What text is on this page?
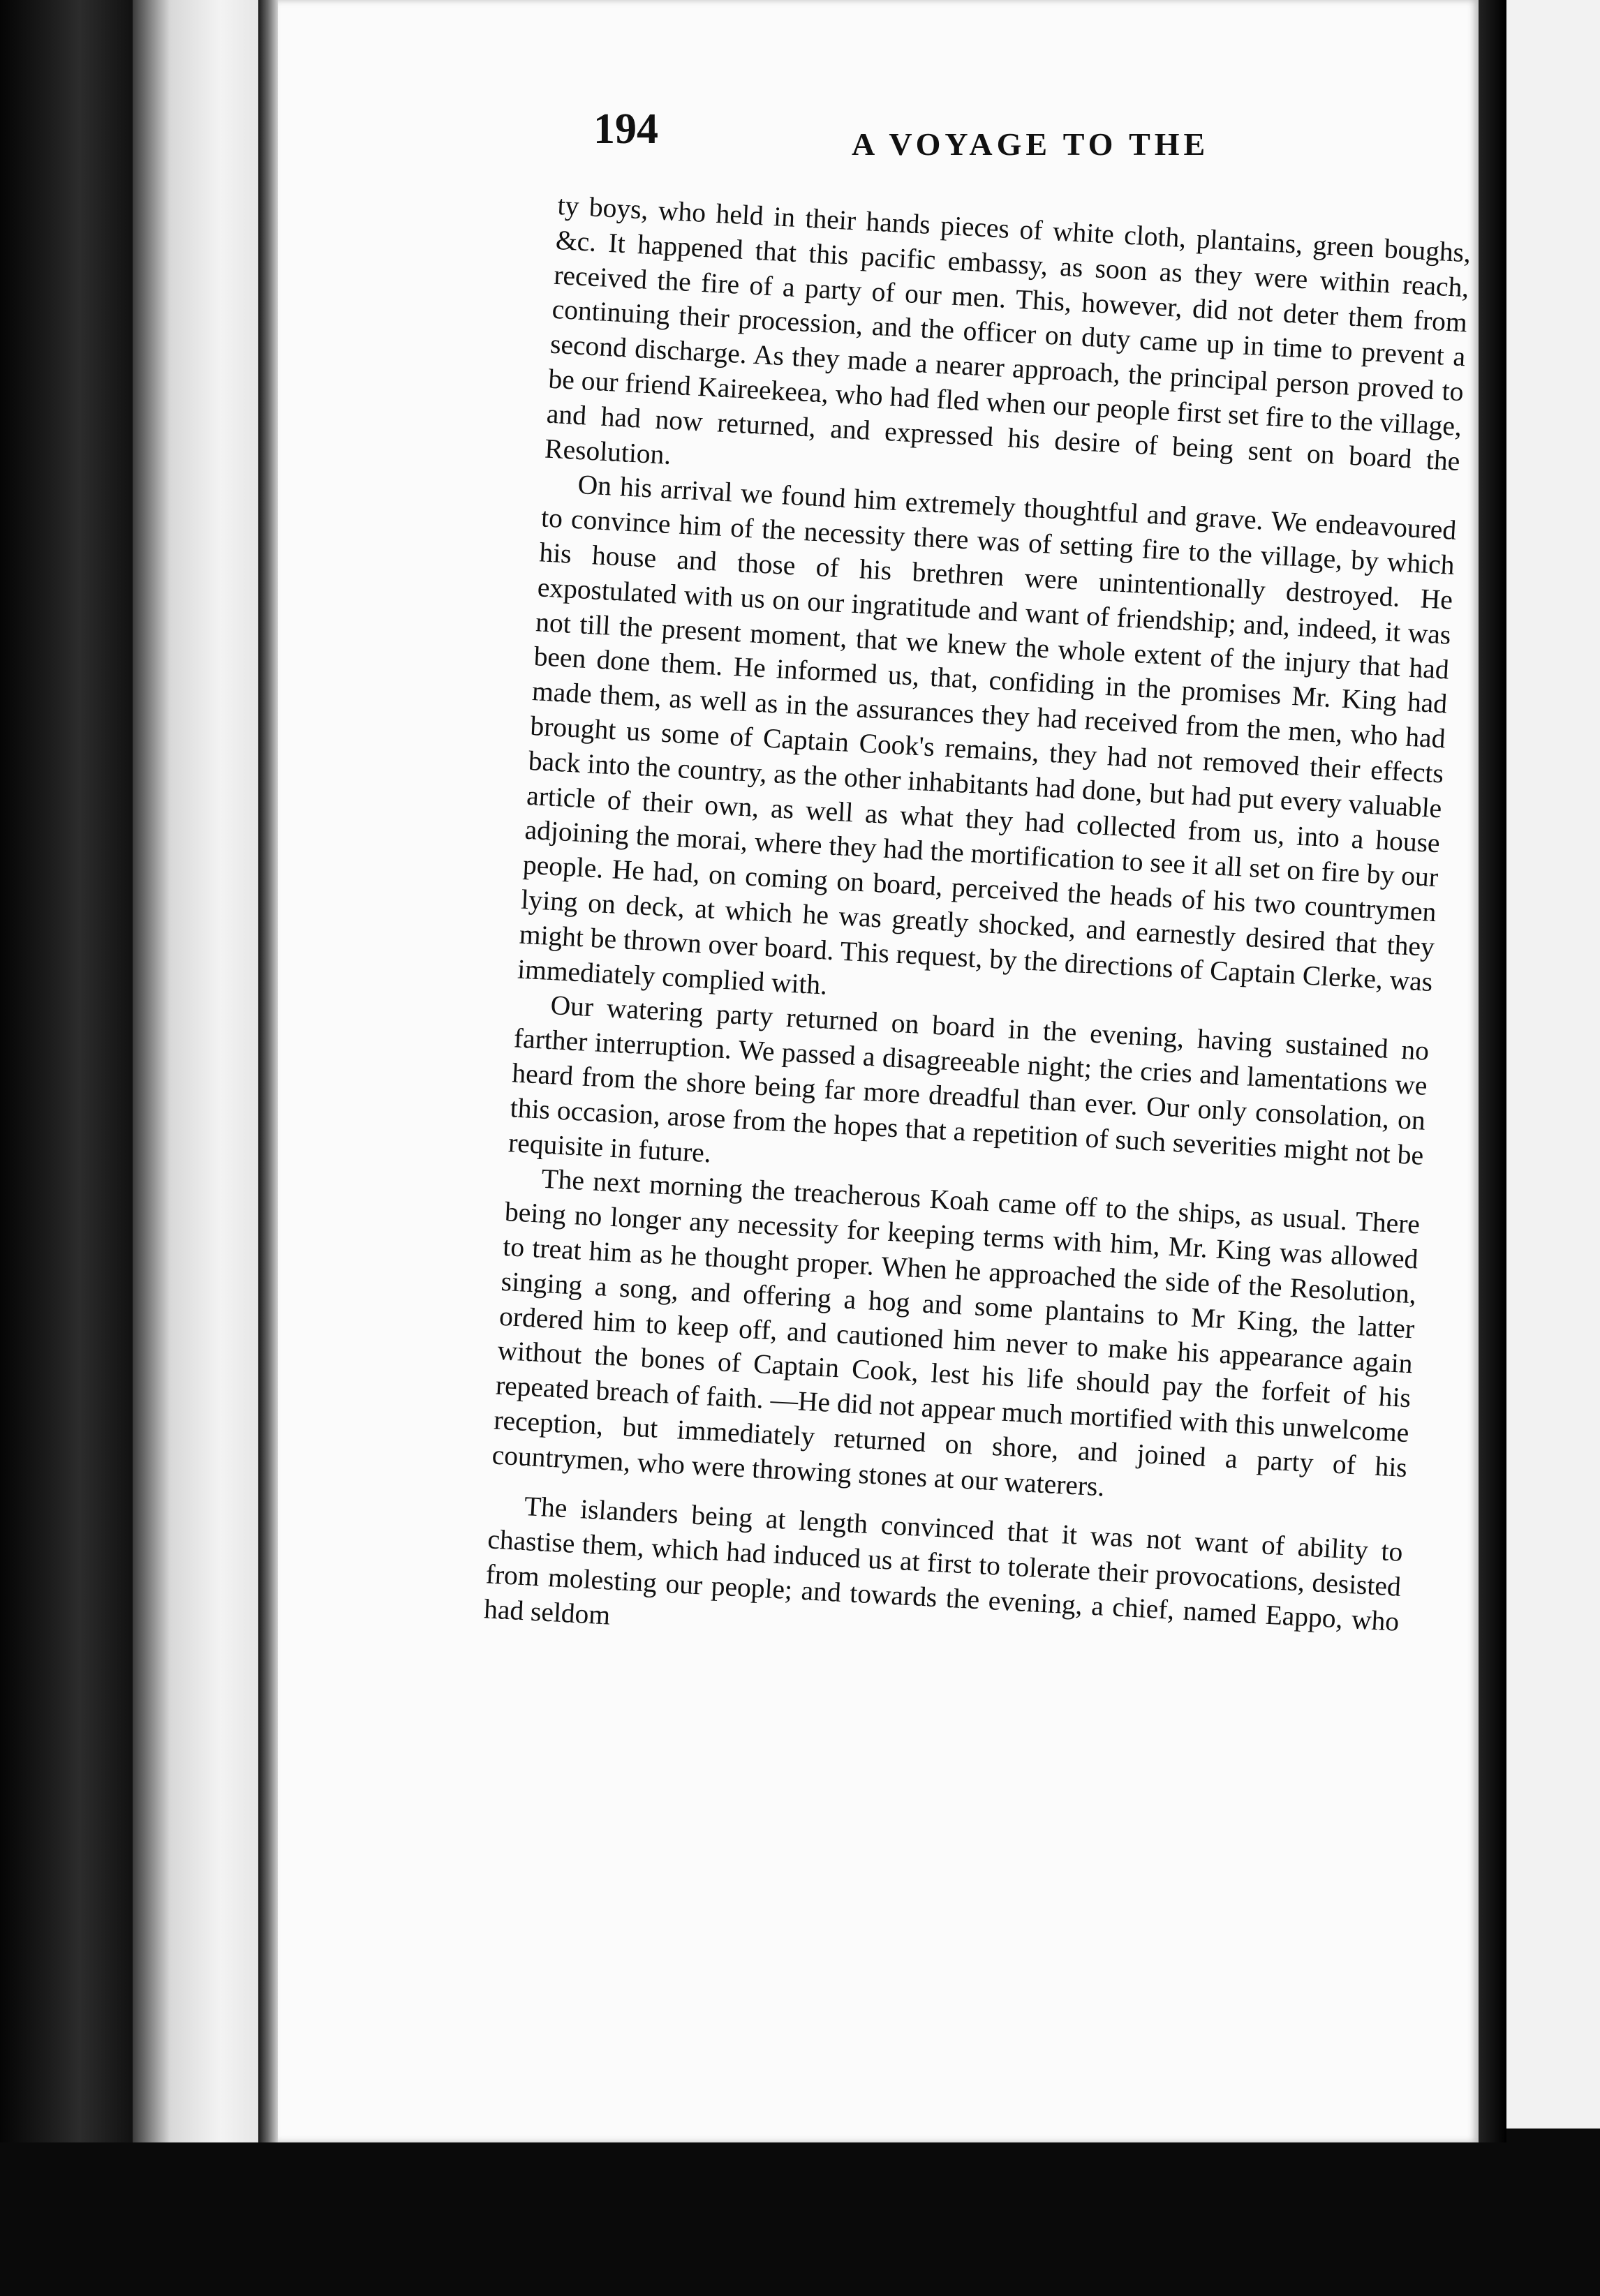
194	A VOYAGE TO THE

ty boys, who held in their hands pieces of white cloth, plantains, green boughs, &c. It happened that this pacific embassy, as soon as they were within reach, received the fire of a party of our men. This, however, did not deter them from continuing their procession, and the officer on duty came up in time to prevent a second discharge. As they made a nearer approach, the principal person proved to be our friend Kaireekeea, who had fled when our people first set fire to the village, and had now returned, and expressed his desire of being sent on board the Resolution.

On his arrival we found him extremely thoughtful and grave. We endeavoured to convince him of the necessity there was of setting fire to the village, by which his house and those of his brethren were unintentionally destroyed. He expostulated with us on our ingratitude and want of friendship; and, indeed, it was not till the present moment, that we knew the whole extent of the injury that had been done them. He informed us, that, confiding in the promises Mr. King had made them, as well as in the assurances they had received from the men, who had brought us some of Captain Cook's remains, they had not removed their effects back into the country, as the other inhabitants had done, but had put every valuable article of their own, as well as what they had collected from us, into a house adjoining the morai, where they had the mortification to see it all set on fire by our people. He had, on coming on board, perceived the heads of his two countrymen lying on deck, at which he was greatly shocked, and earnestly desired that they might be thrown over board. This request, by the directions of Captain Clerke, was immediately complied with.

Our watering party returned on board in the evening, having sustained no farther interruption. We passed a disagreeable night; the cries and lamentations we heard from the shore being far more dreadful than ever. Our only consolation, on this occasion, arose from the hopes that a repetition of such severities might not be requisite in future.

The next morning the treacherous Koah came off to the ships, as usual. There being no longer any necessity for keeping terms with him, Mr. King was allowed to treat him as he thought proper. When he approached the side of the Resolution, singing a song, and offering a hog and some plantains to Mr King, the latter ordered him to keep off, and cautioned him never to make his appearance again without the bones of Captain Cook, lest his life should pay the forfeit of his repeated breach of faith. —He did not appear much mortified with this unwelcome reception, but immediately returned on shore, and joined a party of his countrymen, who were throwing stones at our waterers.

The islanders being at length convinced that it was not want of ability to chastise them, which had induced us at first to tolerate their provocations, desisted from molesting our people; and towards the evening, a chief, named Eappo, who had seldom
